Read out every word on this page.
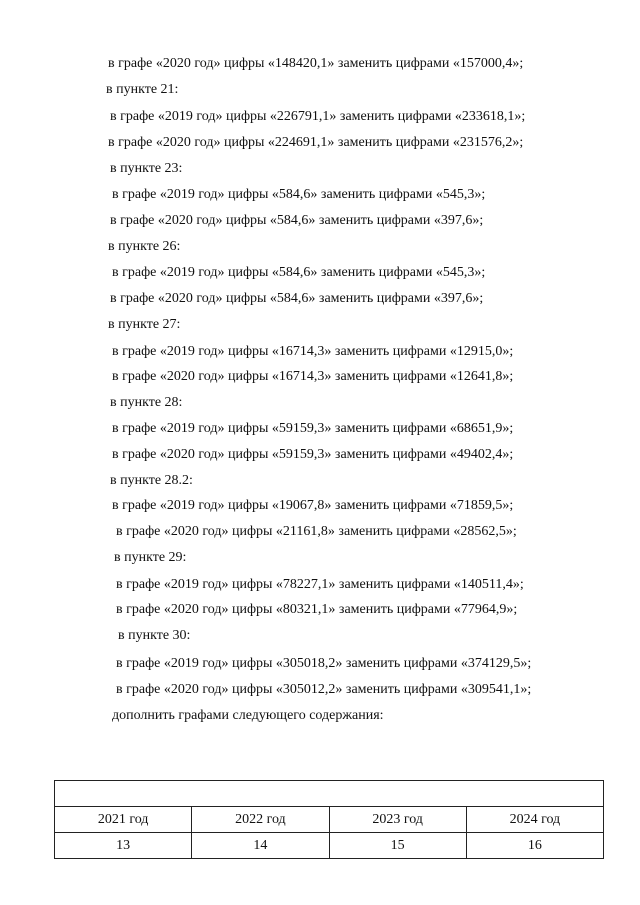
в графе «2020 год» цифры «148420,1» заменить цифрами «157000,4»;
в пункте 21:
в графе «2019 год» цифры «226791,1» заменить цифрами «233618,1»;
в графе «2020 год» цифры «224691,1» заменить цифрами «231576,2»;
в пункте 23:
в графе «2019 год» цифры «584,6» заменить цифрами «545,3»;
в графе «2020 год» цифры «584,6» заменить цифрами «397,6»;
в пункте 26:
в графе «2019 год» цифры «584,6» заменить цифрами «545,3»;
в графе «2020 год» цифры «584,6» заменить цифрами «397,6»;
в пункте 27:
в графе «2019 год» цифры «16714,3» заменить цифрами «12915,0»;
в графе «2020 год» цифры «16714,3» заменить цифрами «12641,8»;
в пункте 28:
в графе «2019 год» цифры «59159,3» заменить цифрами «68651,9»;
в графе «2020 год» цифры «59159,3» заменить цифрами «49402,4»;
в пункте 28.2:
в графе «2019 год» цифры «19067,8» заменить цифрами «71859,5»;
в графе «2020 год» цифры «21161,8» заменить цифрами «28562,5»;
в пункте 29:
в графе «2019 год» цифры «78227,1» заменить цифрами «140511,4»;
в графе «2020 год» цифры «80321,1» заменить цифрами «77964,9»;
в пункте 30:
в графе «2019 год» цифры «305018,2» заменить цифрами «374129,5»;
в графе «2020 год» цифры «305012,2» заменить цифрами «309541,1»;
дополнить графами следующего содержания:

2021 год	2022 год	2023 год	2024 год
13	14	15	16
